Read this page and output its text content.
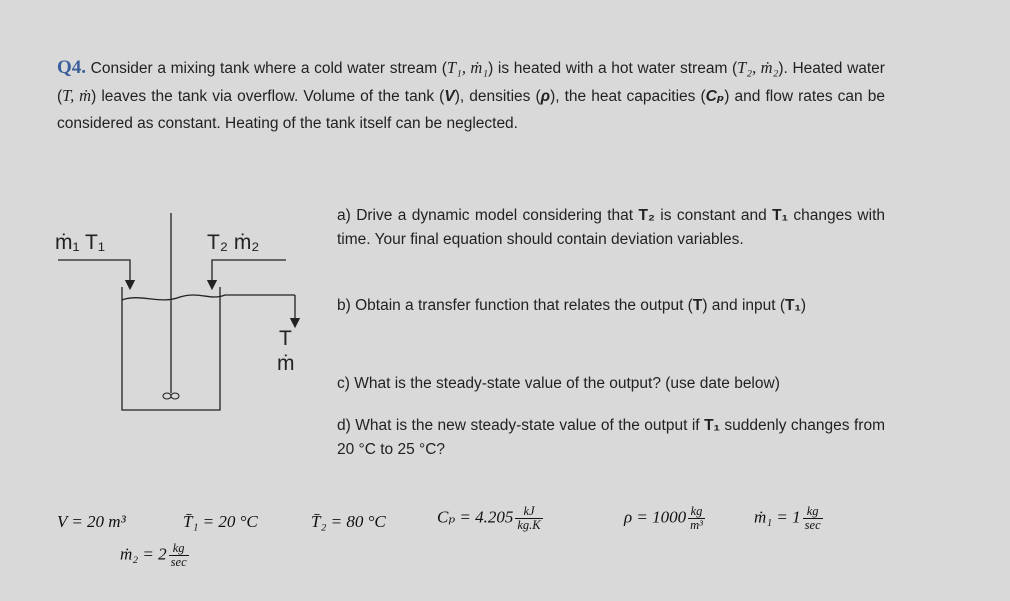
Q4. Consider a mixing tank where a cold water stream (T₁, ṁ₁) is heated with a hot water stream (T₂, ṁ₂). Heated water (T, ṁ) leaves the tank via overflow. Volume of the tank (V), densities (ρ), the heat capacities (Cₚ) and flow rates can be considered as constant. Heating of the tank itself can be neglected.
ṁ₁ T₁	T₂ ṁ₂
T
ṁ

a) Drive a dynamic model considering that T₂ is constant and T₁ changes with time. Your final equation should contain deviation variables.

b) Obtain a transfer function that relates the output (T) and input (T₁)

c) What is the steady-state value of the output? (use date below)

d) What is the new steady-state value of the output if T₁ suddenly changes from 20 °C to 25 °C?

V = 20 m³	T̄₁ = 20 °C	T̄₂ = 80 °C	$C_p = 4.205 \frac{kJ}{kg.K}$	$\rho = 1000 \frac{kg}{\text{m³}}$	ṁ₁ = $1 \frac{kg}{\sec}$
ṁ₂ = $2 \frac{kg}{\sec}$
